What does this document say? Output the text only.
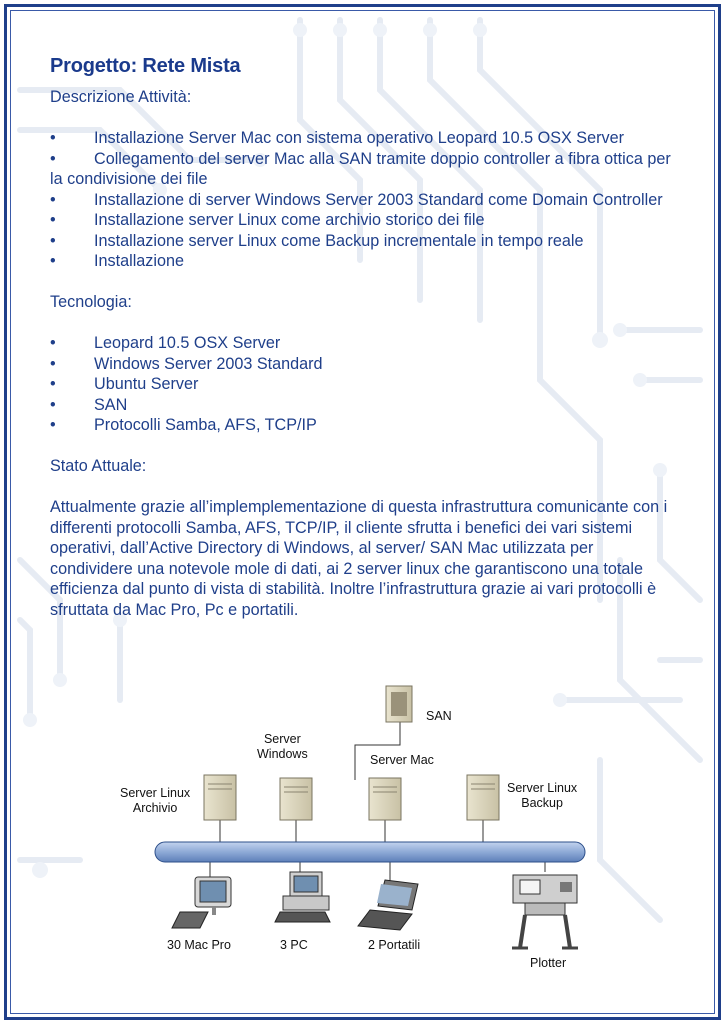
Progetto: Rete Mista

Descrizione Attività:

• Installazione Server Mac con sistema operativo Leopard 10.5 OSX Server
• Collegamento del server Mac alla SAN tramite doppio controller a fibra ottica per la condivisione dei file
• Installazione di server Windows Server 2003 Standard come Domain Controller
• Installazione server Linux come archivio storico dei file
• Installazione server Linux come Backup incrementale in tempo reale
• Installazione

Tecnologia:

• Leopard 10.5 OSX Server
• Windows Server 2003 Standard
• Ubuntu Server
• SAN
• Protocolli Samba, AFS, TCP/IP

Stato Attuale:

Attualmente grazie all’implemplementazione di questa infrastruttura comunicante con i differenti protocolli Samba, AFS, TCP/IP, il cliente sfrutta i benefici dei vari sistemi operativi, dall’Active Directory di Windows, al server/ SAN Mac utilizzata per condividere una notevole mole di dati, ai 2 server linux che garantiscono una totale efficienza dal punto di vista di stabilità. Inoltre l’infrastruttura grazie ai vari protocolli è sfruttata da Mac Pro, Pc e portatili.

SAN
Server
Windows	Server Mac
Server Linux
Archivio
Server Linux
Backup
30 Mac Pro	3 PC	2 Portatili
Plotter
